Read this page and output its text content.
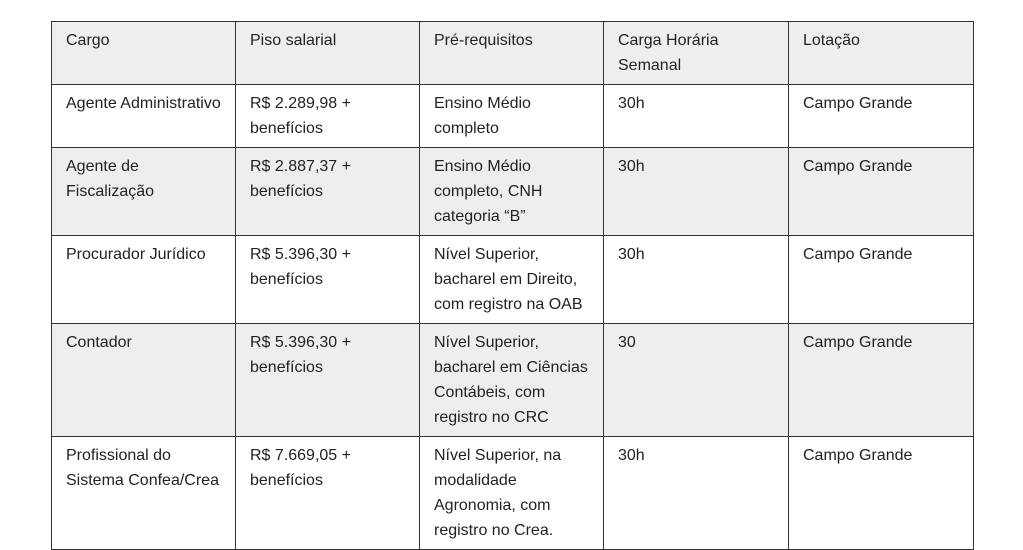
Cargo	Piso salarial	Pré-requisitos	Carga Horária Semanal	Lotação
Agente Administrativo	R$ 2.289,98 + benefícios	Ensino Médio completo	30h	Campo Grande
Agente de Fiscalização	R$ 2.887,37 + benefícios	Ensino Médio completo, CNH categoria “B”	30h	Campo Grande
Procurador Jurídico	R$ 5.396,30 + benefícios	Nível Superior, bacharel em Direito, com registro na OAB	30h	Campo Grande
Contador	R$ 5.396,30 + benefícios	Nível Superior, bacharel em Ciências Contábeis, com registro no CRC	30	Campo Grande
Profissional do Sistema Confea/Crea	R$ 7.669,05 + benefícios	Nível Superior, na modalidade Agronomia, com registro no Crea.	30h	Campo Grande
